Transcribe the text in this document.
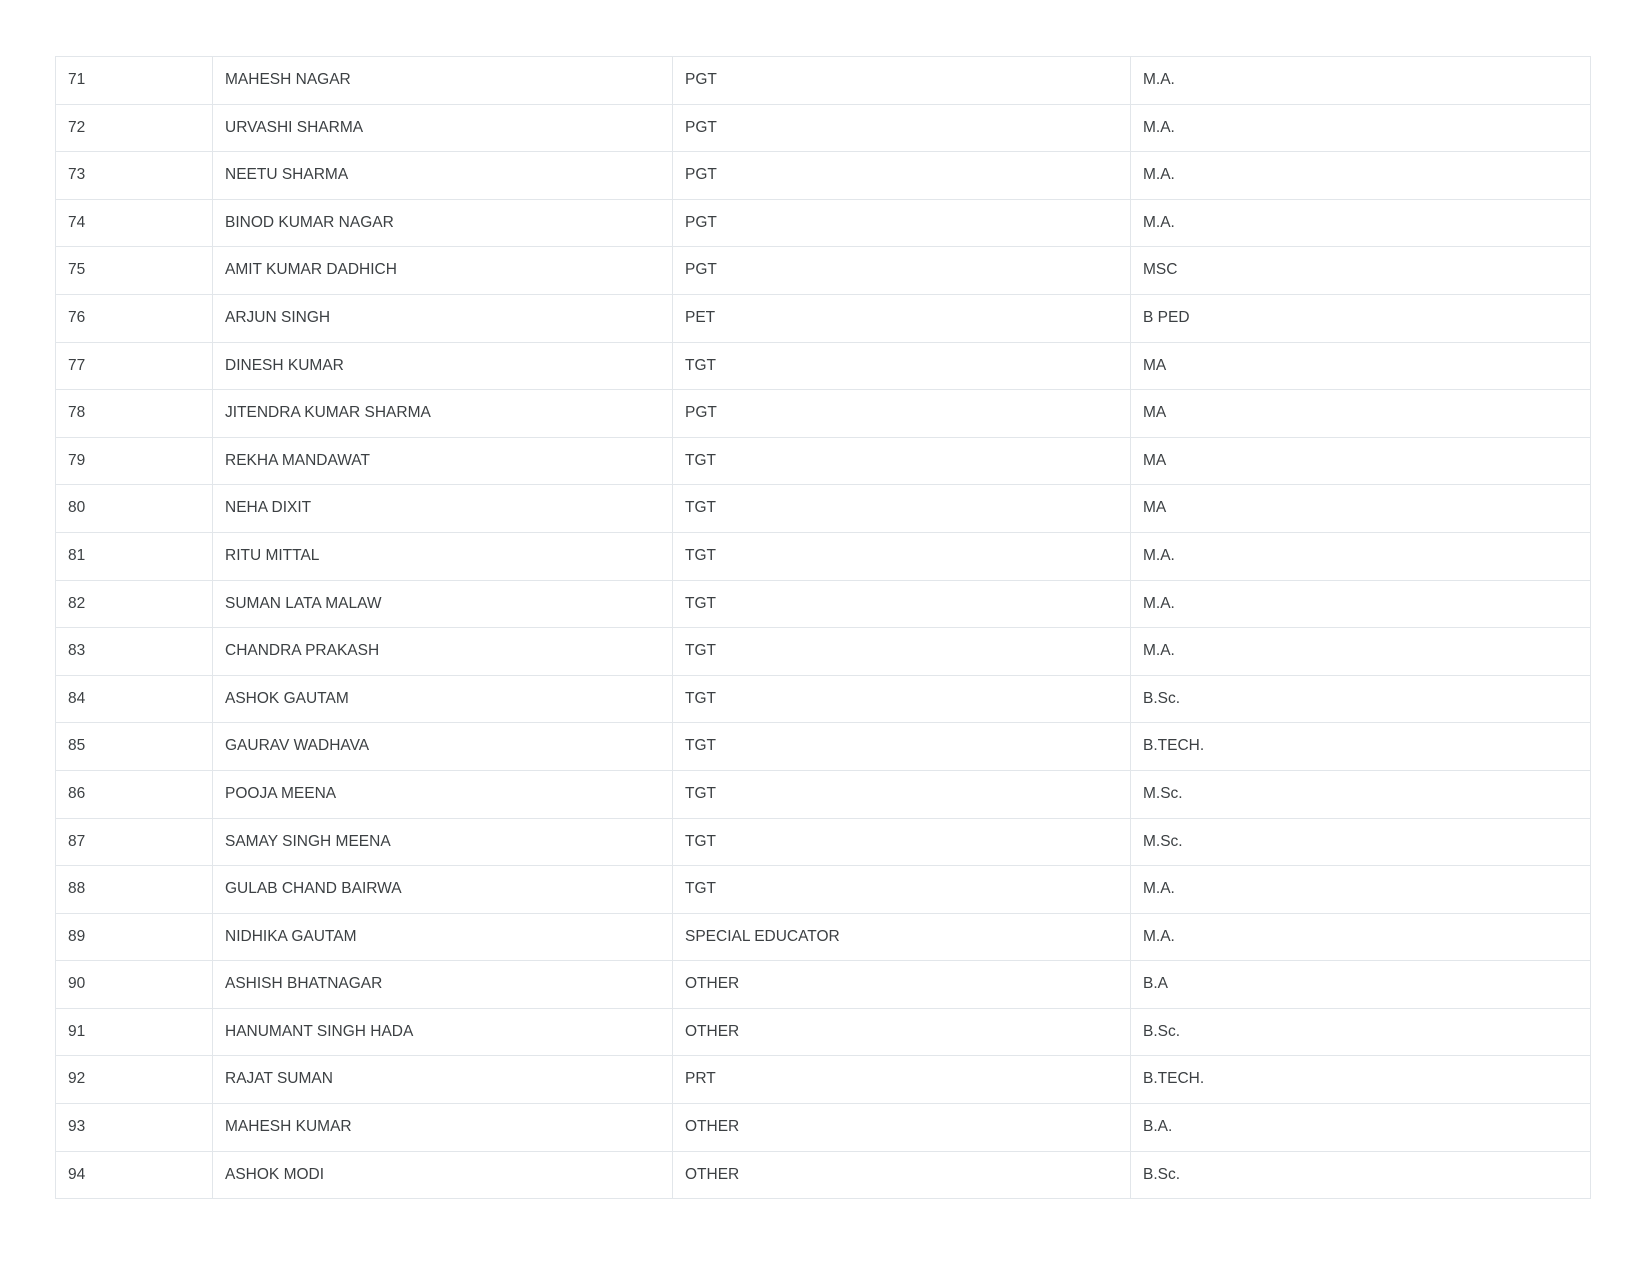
71	MAHESH NAGAR	PGT	M.A.
72	URVASHI SHARMA	PGT	M.A.
73	NEETU SHARMA	PGT	M.A.
74	BINOD KUMAR NAGAR	PGT	M.A.
75	AMIT KUMAR DADHICH	PGT	MSC
76	ARJUN SINGH	PET	B PED
77	DINESH KUMAR	TGT	MA
78	JITENDRA KUMAR SHARMA	PGT	MA
79	REKHA MANDAWAT	TGT	MA
80	NEHA DIXIT	TGT	MA
81	RITU MITTAL	TGT	M.A.
82	SUMAN LATA MALAW	TGT	M.A.
83	CHANDRA PRAKASH	TGT	M.A.
84	ASHOK GAUTAM	TGT	B.Sc.
85	GAURAV WADHAVA	TGT	B.TECH.
86	POOJA MEENA	TGT	M.Sc.
87	SAMAY SINGH MEENA	TGT	M.Sc.
88	GULAB CHAND BAIRWA	TGT	M.A.
89	NIDHIKA GAUTAM	SPECIAL EDUCATOR	M.A.
90	ASHISH BHATNAGAR	OTHER	B.A
91	HANUMANT SINGH HADA	OTHER	B.Sc.
92	RAJAT SUMAN	PRT	B.TECH.
93	MAHESH KUMAR	OTHER	B.A.
94	ASHOK MODI	OTHER	B.Sc.
